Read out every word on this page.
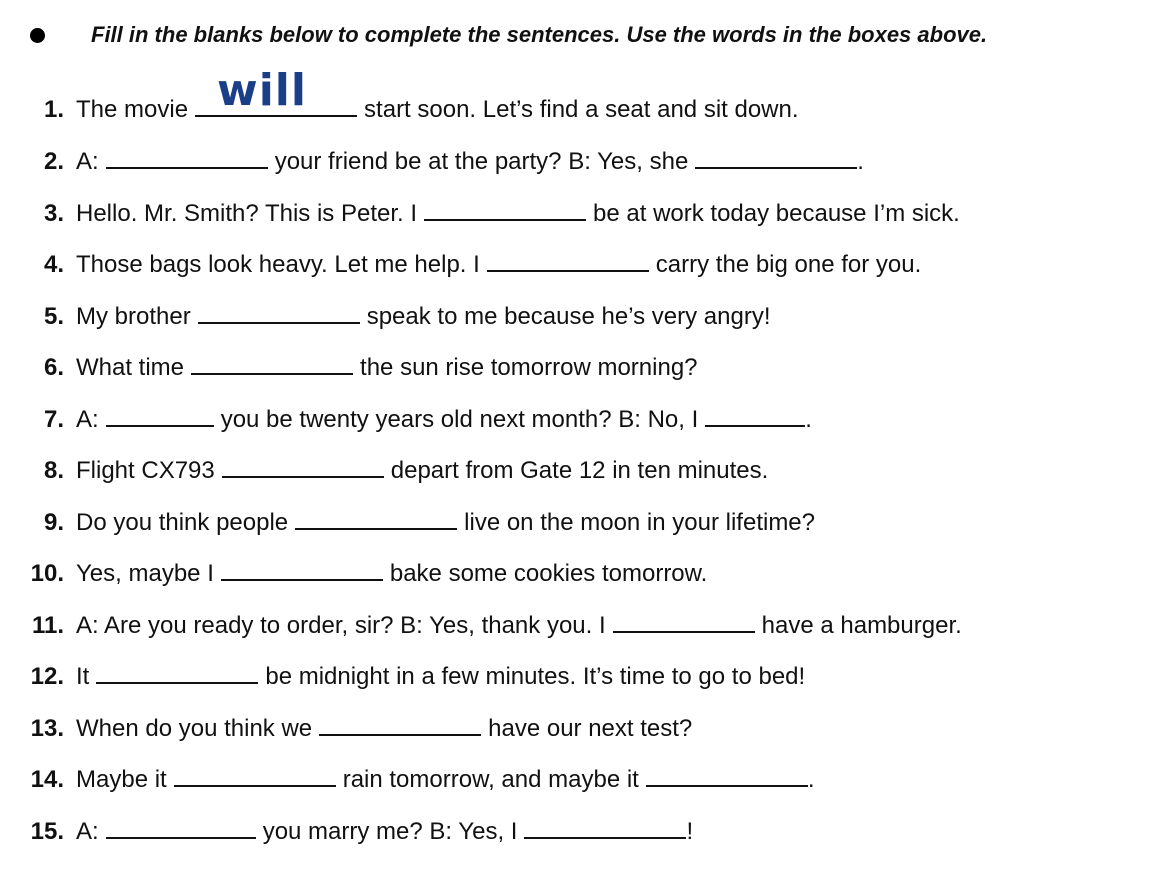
Fill in the blanks below to complete the sentences. Use the words in the boxes above.
1. The movie will start soon. Let’s find a seat and sit down.
2. A:	your friend be at the party? B: Yes, she	.
3. Hello. Mr. Smith? This is Peter. I	be at work today because I’m sick.
4. Those bags look heavy. Let me help. I	carry the big one for you.
5. My brother	speak to me because he’s very angry!
6. What time	the sun rise tomorrow morning?
7. A:	you be twenty years old next month? B: No, I	.
8. Flight CX793	depart from Gate 12 in ten minutes.
9. Do you think people	live on the moon in your lifetime?
10. Yes, maybe I	bake some cookies tomorrow.
11. A: Are you ready to order, sir? B: Yes, thank you. I	have a hamburger.
12. It	be midnight in a few minutes. It’s time to go to bed!
13. When do you think we	have our next test?
14. Maybe it	rain tomorrow, and maybe it	.
15. A:	you marry me? B: Yes, I	!
